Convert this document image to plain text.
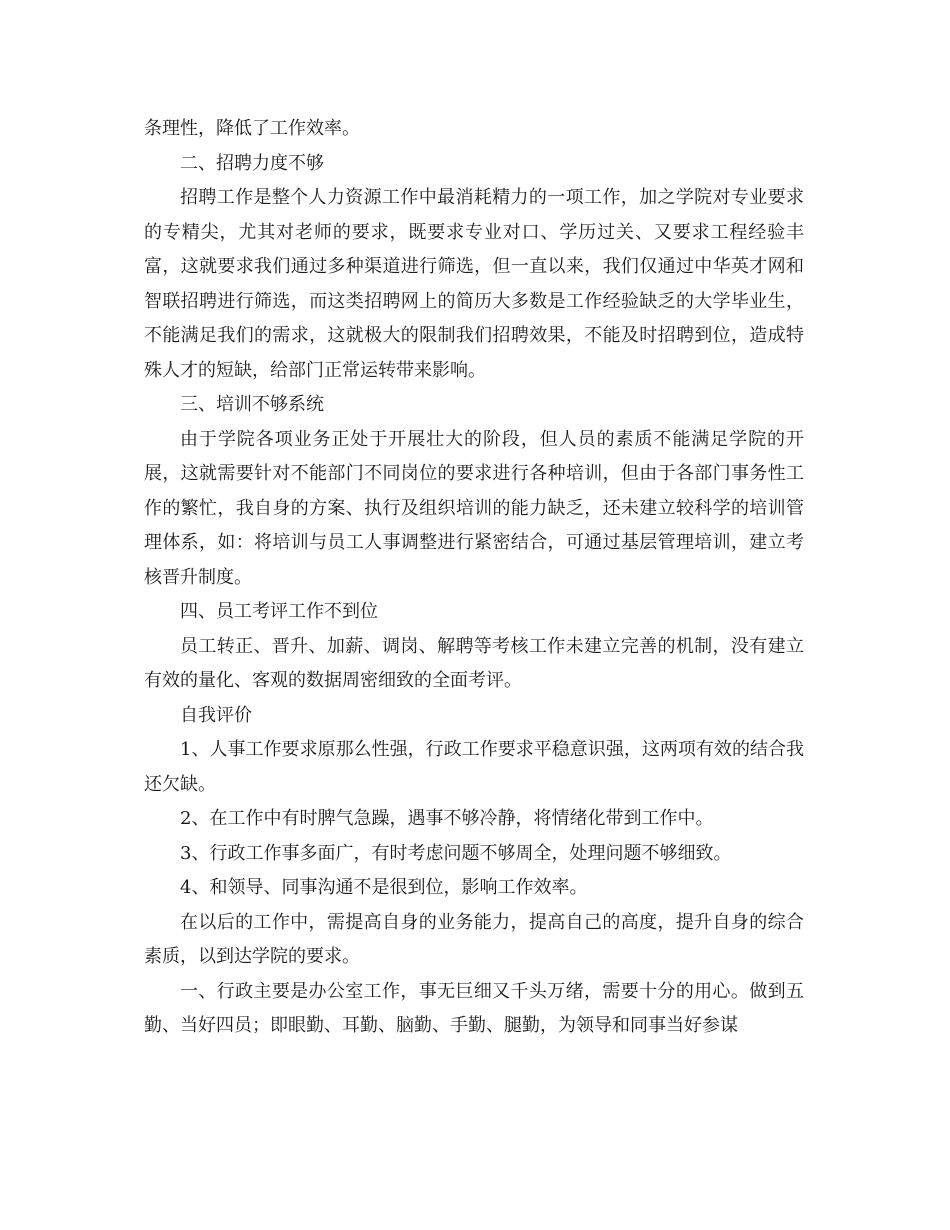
条理性，降低了工作效率。

二、招聘力度不够

招聘工作是整个人力资源工作中最消耗精力的一项工作，加之学院对专业要求的专精尖，尤其对老师的要求，既要求专业对口、学历过关、又要求工程经验丰富，这就要求我们通过多种渠道进行筛选，但一直以来，我们仅通过中华英才网和智联招聘进行筛选，而这类招聘网上的简历大多数是工作经验缺乏的大学毕业生，不能满足我们的需求，这就极大的限制我们招聘效果，不能及时招聘到位，造成特殊人才的短缺，给部门正常运转带来影响。

三、培训不够系统

由于学院各项业务正处于开展壮大的阶段，但人员的素质不能满足学院的开展，这就需要针对不能部门不同岗位的要求进行各种培训，但由于各部门事务性工作的繁忙，我自身的方案、执行及组织培训的能力缺乏，还未建立较科学的培训管理体系，如：将培训与员工人事调整进行紧密结合，可通过基层管理培训，建立考核晋升制度。

四、员工考评工作不到位

员工转正、晋升、加薪、调岗、解聘等考核工作未建立完善的机制，没有建立有效的量化、客观的数据周密细致的全面考评。

自我评价

1、人事工作要求原那么性强，行政工作要求平稳意识强，这两项有效的结合我还欠缺。

2、在工作中有时脾气急躁，遇事不够冷静，将情绪化带到工作中。

3、行政工作事多面广，有时考虑问题不够周全，处理问题不够细致。

4、和领导、同事沟通不是很到位，影响工作效率。

在以后的工作中，需提高自身的业务能力，提高自己的高度，提升自身的综合素质，以到达学院的要求。

一、行政主要是办公室工作，事无巨细又千头万绪，需要十分的用心。做到五勤、当好四员；即眼勤、耳勤、脑勤、手勤、腿勤，为领导和同事当好参谋
